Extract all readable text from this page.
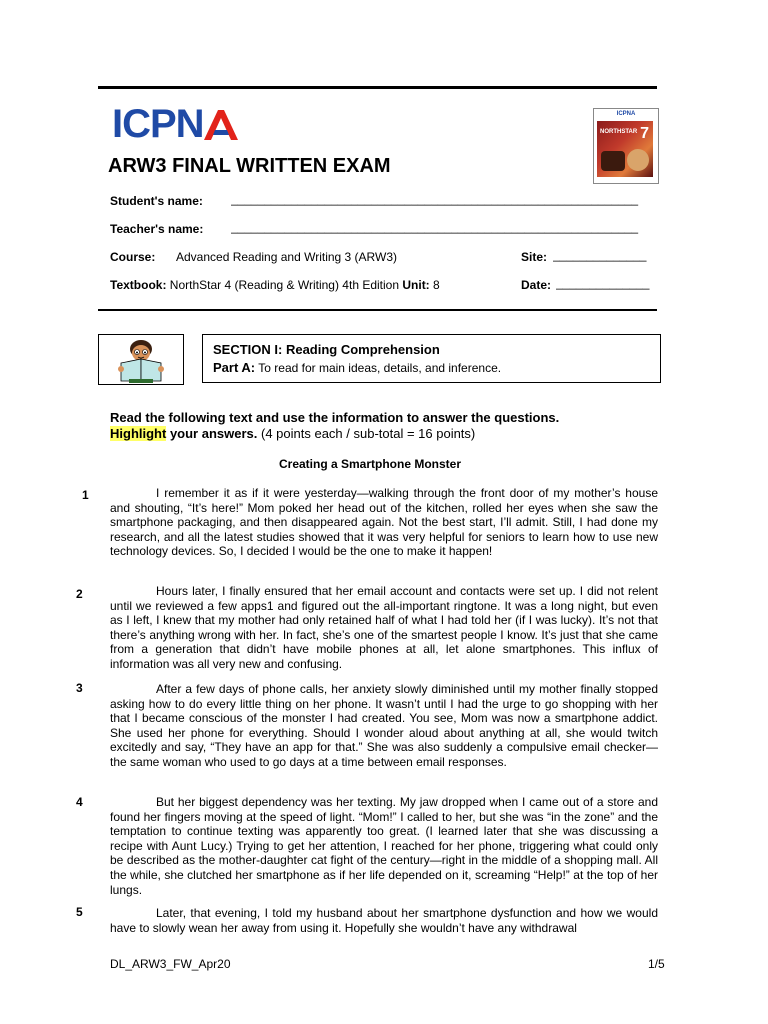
ICPN	ICPNA
NORTHSTAR 7
ARW3 FINAL WRITTEN EXAM
Student's name: _____________________________________________________________
Teacher's name: _____________________________________________________________
Course: Advanced Reading and Writing 3 (ARW3)	Site: ______________
Textbook: NorthStar 4 (Reading & Writing) 4th Edition Unit: 8	Date: ______________
SECTION I: Reading Comprehension
Part A: To read for main ideas, details, and inference.
Read the following text and use the information to answer the questions.
Highlight your answers. (4 points each / sub-total = 16 points)
Creating a Smartphone Monster
1	I remember it as if it were yesterday—walking through the front door of my mother’s house and shouting, “It’s here!” Mom poked her head out of the kitchen, rolled her eyes when she saw the smartphone packaging, and then disappeared again. Not the best start, I’ll admit. Still, I had done my research, and all the latest studies showed that it was very helpful for seniors to learn how to use new technology devices. So, I decided I would be the one to make it happen!
2	Hours later, I finally ensured that her email account and contacts were set up. I did not relent until we reviewed a few apps1 and figured out the all-important ringtone. It was a long night, but even as I left, I knew that my mother had only retained half of what I had told her (if I was lucky). It’s not that there’s anything wrong with her. In fact, she’s one of the smartest people I know. It’s just that she came from a generation that didn’t have mobile phones at all, let alone smartphones. This influx of information was all very new and confusing.
3	After a few days of phone calls, her anxiety slowly diminished until my mother finally stopped asking how to do every little thing on her phone. It wasn’t until I had the urge to go shopping with her that I became conscious of the monster I had created. You see, Mom was now a smartphone addict. She used her phone for everything. Should I wonder aloud about anything at all, she would twitch excitedly and say, “They have an app for that.” She was also suddenly a compulsive email checker—the same woman who used to go days at a time between email responses.
4	But her biggest dependency was her texting. My jaw dropped when I came out of a store and found her fingers moving at the speed of light. “Mom!” I called to her, but she was “in the zone” and the temptation to continue texting was apparently too great. (I learned later that she was discussing a recipe with Aunt Lucy.) Trying to get her attention, I reached for her phone, triggering what could only be described as the mother-daughter cat fight of the century—right in the middle of a shopping mall. All the while, she clutched her smartphone as if her life depended on it, screaming “Help!” at the top of her lungs.
5	Later, that evening, I told my husband about her smartphone dysfunction and how we would have to slowly wean her away from using it. Hopefully she wouldn’t have any withdrawal
DL_ARW3_FW_Apr20	1/5
